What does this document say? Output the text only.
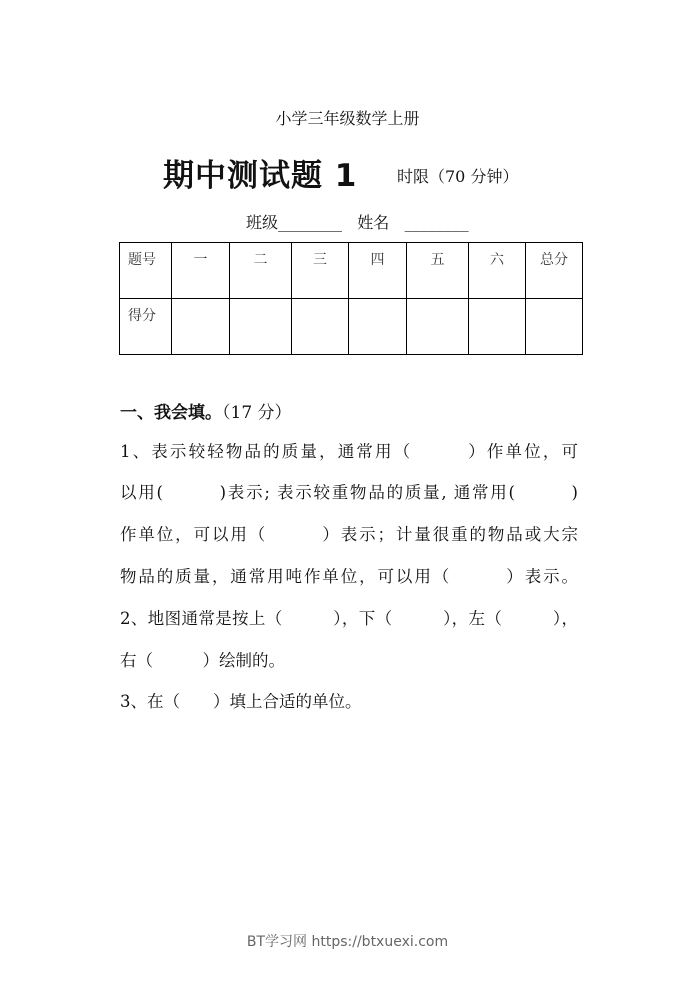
小学三年级数学上册
期中测试题 1 时限（70 分钟）
班级________ 姓名 ________
题号	一	二	三	四	五	六	总分
得分							
一、我会填。（17 分）
1、表示较轻物品的质量，通常用（　　　）作单位，可
以用(　　　)表示; 表示较重物品的质量, 通常用(　　　)
作单位，可以用（　　　）表示；计量很重的物品或大宗
物品的质量，通常用吨作单位，可以用（　　　）表示。
2、地图通常是按上（　　　），下（　　　），左（　　　），
右（　　　）绘制的。
3、在（　　）填上合适的单位。
BT学习网 https://btxuexi.com
